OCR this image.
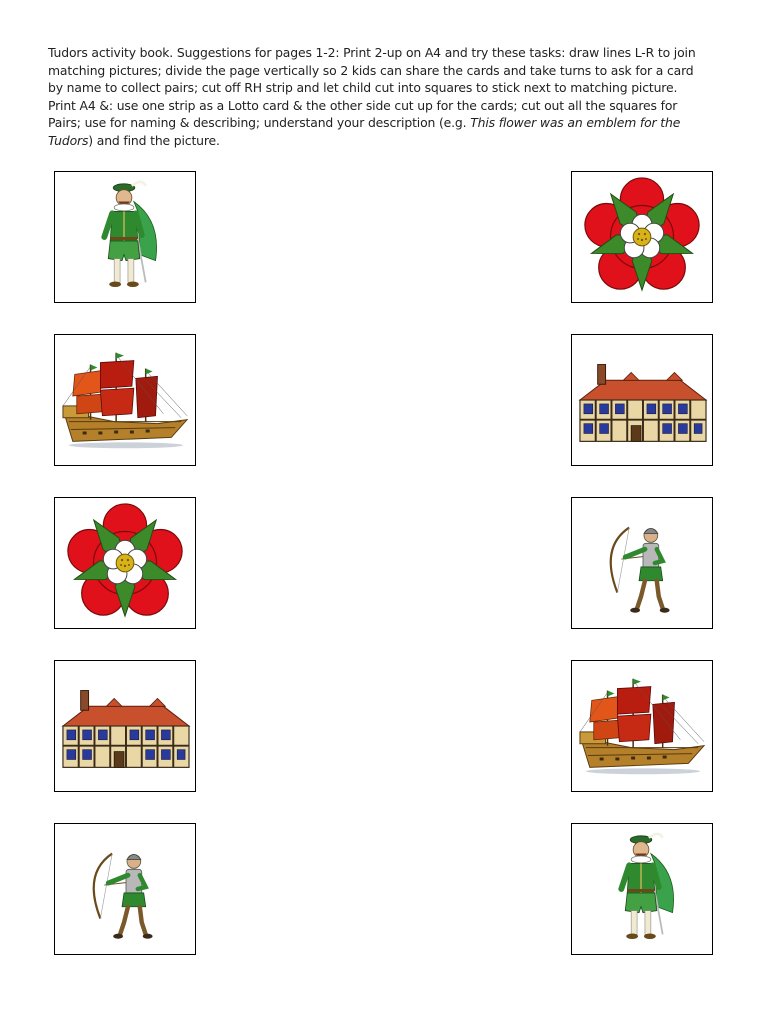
Tudors activity book. Suggestions for pages 1-2: Print 2-up on A4 and try these tasks: draw lines L-R to join

matching pictures; divide the page vertically so 2 kids can share the cards and take turns to ask for a card

by name to collect pairs; cut off RH strip and let child cut into squares to stick next to matching picture.

Print A4 &: use one strip as a Lotto card & the other side cut up for the cards; cut out all the squares for

Pairs; use for naming & describing; understand your description (e.g. This flower was an emblem for the

Tudors) and find the picture.
